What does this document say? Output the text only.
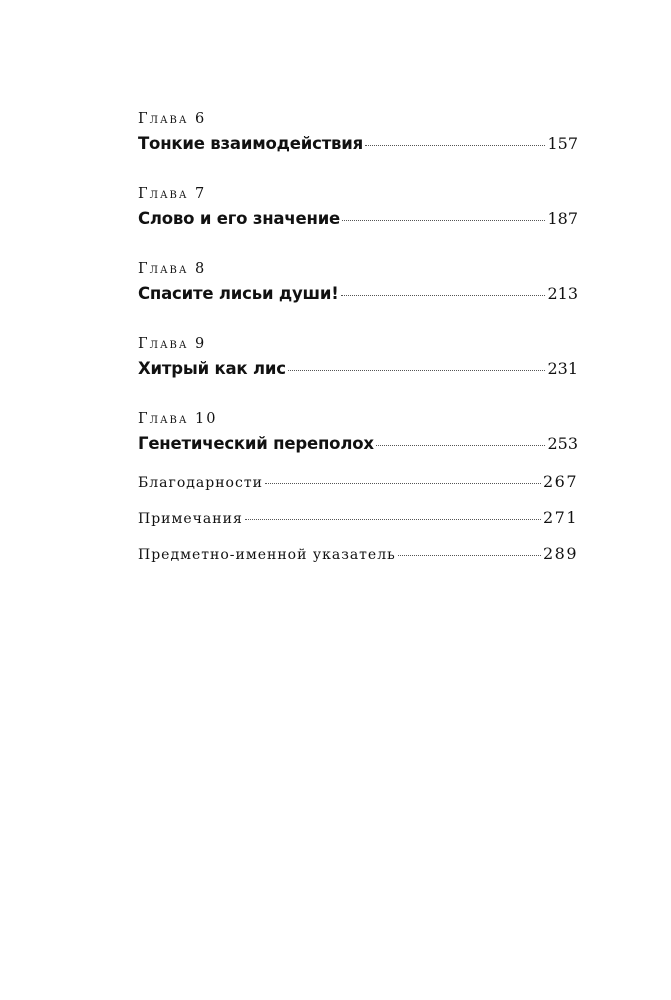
Глава 6
Тонкие взаимодействия	157
Глава 7
Слово и его значение	187
Глава 8
Спасите лисьи души!	213
Глава 9
Хитрый как лис	231
Глава 10
Генетический переполох	253
Благодарности	267
Примечания	271
Предметно-именной указатель	289
